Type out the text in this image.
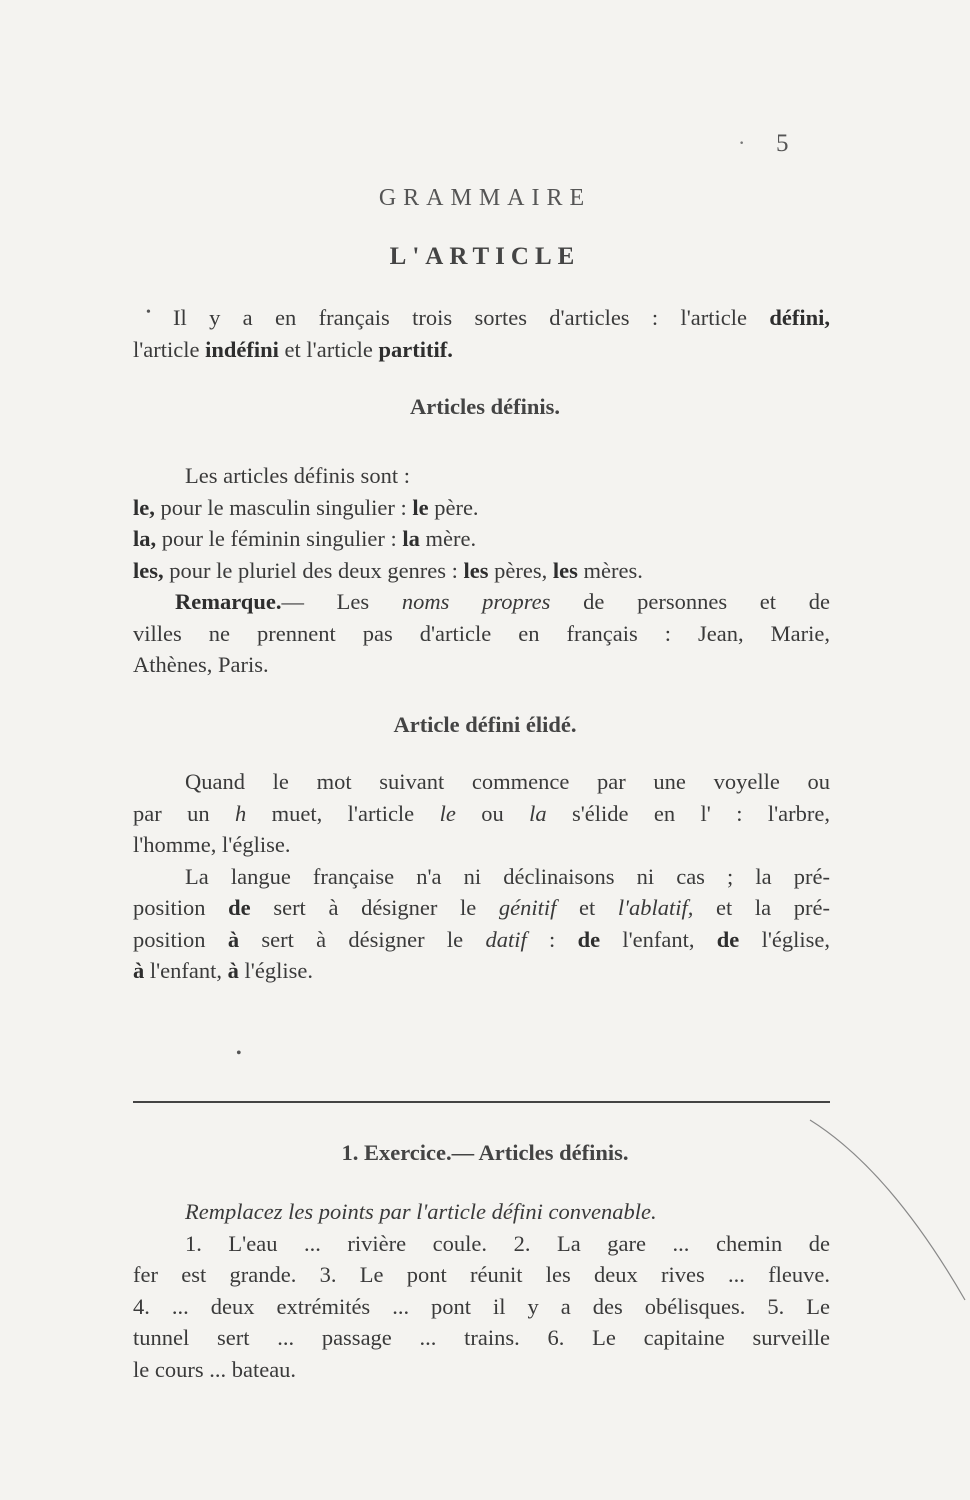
· 5
GRAMMAIRE
L'ARTICLE
• Il y a en français trois sortes d'articles : l'article défini,
l'article indéfini et l'article partitif.
Articles définis.
Les articles définis sont :
le, pour le masculin singulier : le père.
la, pour le féminin singulier : la mère.
les, pour le pluriel des deux genres : les pères, les mères.
Remarque.— Les noms propres de personnes et de
villes ne prennent pas d'article en français : Jean, Marie,
Athènes, Paris.
Article défini élidé.
Quand le mot suivant commence par une voyelle ou
par un h muet, l'article le ou la s'élide en l' : l'arbre,
l'homme, l'église.
La langue française n'a ni déclinaisons ni cas ; la pré-
position de sert à désigner le génitif et l'ablatif, et la pré-
position à sert à désigner le datif : de l'enfant, de l'église,
à l'enfant, à l'église.
•
1. Exercice.— Articles définis.
Remplacez les points par l'article défini convenable.
1. L'eau ... rivière coule. 2. La gare ... chemin de
fer est grande. 3. Le pont réunit les deux rives ... fleuve.
4. ... deux extrémités ... pont il y a des obélisques. 5. Le
tunnel sert ... passage ... trains. 6. Le capitaine surveille
le cours ... bateau.
